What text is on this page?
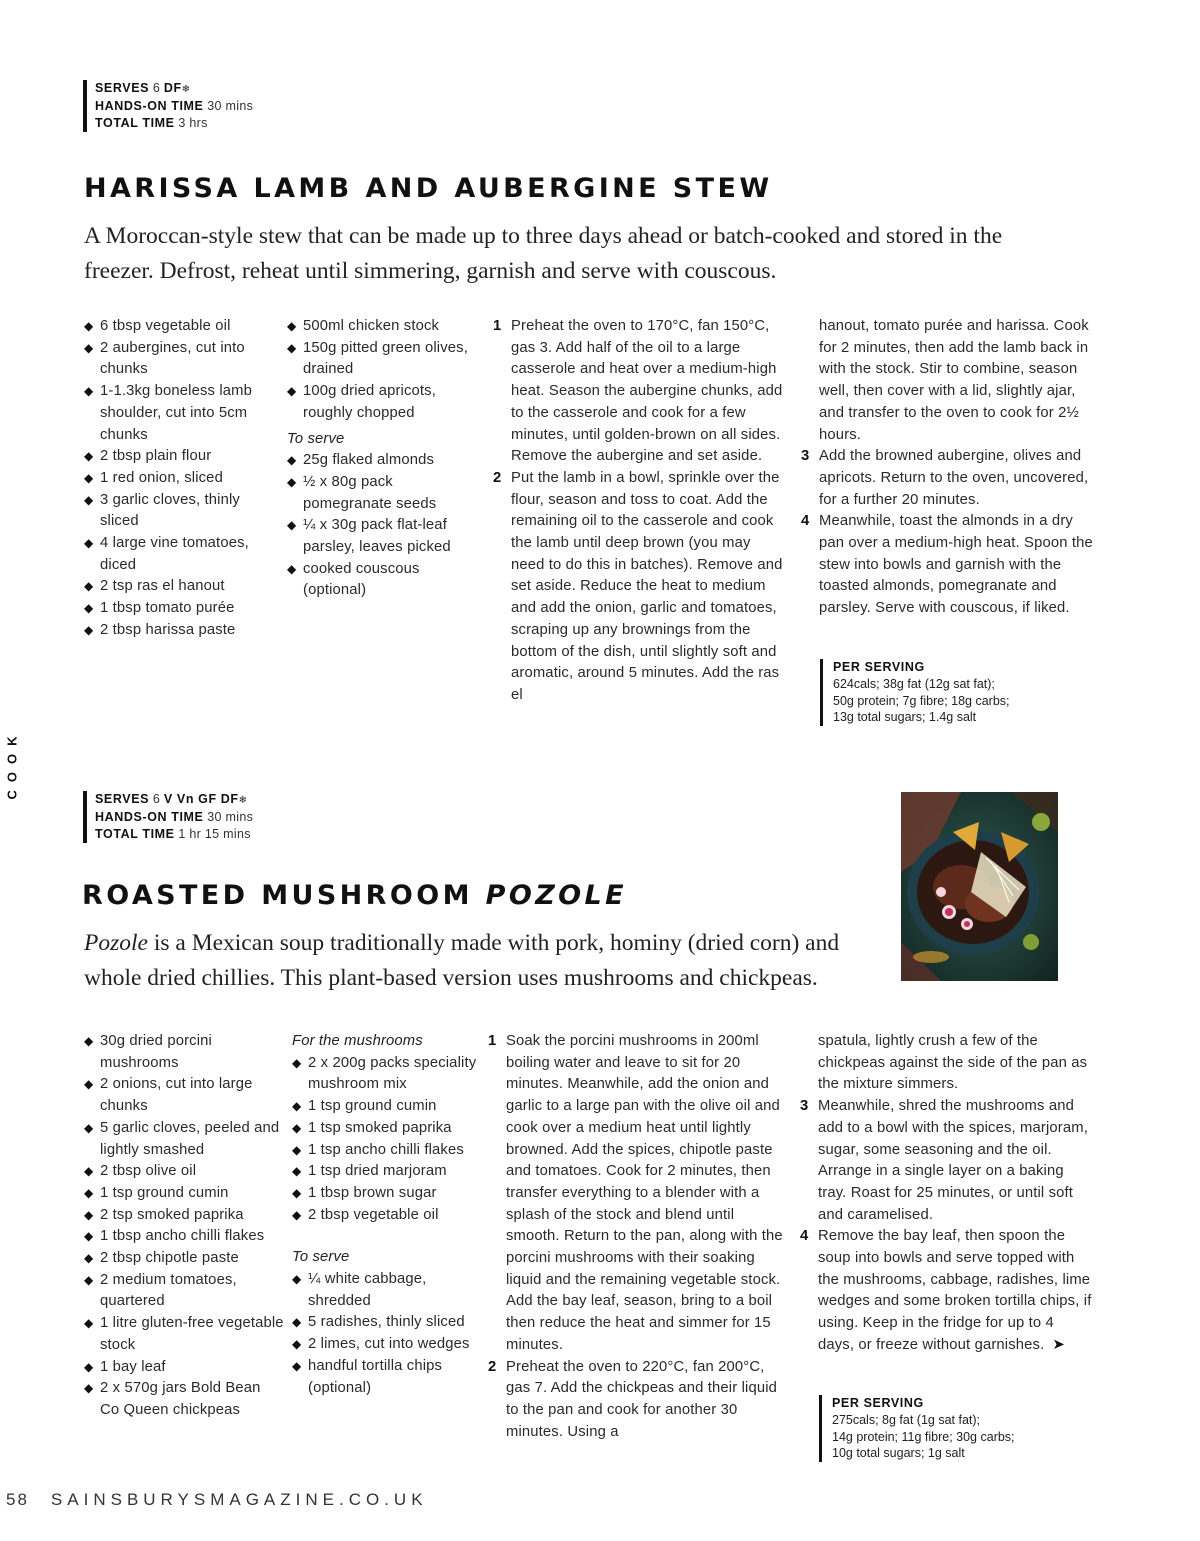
SERVES 6 DF❄
HANDS-ON TIME 30 mins
TOTAL TIME 3 hrs
HARISSA LAMB AND AUBERGINE STEW
A Moroccan-style stew that can be made up to three days ahead or batch-cooked and stored in the freezer. Defrost, reheat until simmering, garnish and serve with couscous.
◆ 6 tbsp vegetable oil
◆ 2 aubergines, cut into chunks
◆ 1-1.3kg boneless lamb shoulder, cut into 5cm chunks
◆ 2 tbsp plain flour
◆ 1 red onion, sliced
◆ 3 garlic cloves, thinly sliced
◆ 4 large vine tomatoes, diced
◆ 2 tsp ras el hanout
◆ 1 tbsp tomato purée
◆ 2 tbsp harissa paste
◆ 500ml chicken stock
◆ 150g pitted green olives, drained
◆ 100g dried apricots, roughly chopped
To serve
◆ 25g flaked almonds
◆ ½ x 80g pack pomegranate seeds
◆ ¼ x 30g pack flat-leaf parsley, leaves picked
◆ cooked couscous (optional)
1 Preheat the oven to 170°C, fan 150°C, gas 3. Add half of the oil to a large casserole and heat over a medium-high heat. Season the aubergine chunks, add to the casserole and cook for a few minutes, until golden-brown on all sides. Remove the aubergine and set aside.
2 Put the lamb in a bowl, sprinkle over the flour, season and toss to coat. Add the remaining oil to the casserole and cook the lamb until deep brown (you may need to do this in batches). Remove and set aside. Reduce the heat to medium and add the onion, garlic and tomatoes, scraping up any brownings from the bottom of the dish, until slightly soft and aromatic, around 5 minutes. Add the ras el

hanout, tomato purée and harissa. Cook for 2 minutes, then add the lamb back in with the stock. Stir to combine, season well, then cover with a lid, slightly ajar, and transfer to the oven to cook for 2½ hours.

3 Add the browned aubergine, olives and apricots. Return to the oven, uncovered, for a further 20 minutes.
4 Meanwhile, toast the almonds in a dry pan over a medium-high heat. Spoon the stew into bowls and garnish with the toasted almonds, pomegranate and parsley. Serve with couscous, if liked.
PER SERVING
624cals; 38g fat (12g sat fat);
50g protein; 7g fibre; 18g carbs;
13g total sugars; 1.4g salt
COOK	SERVES 6 V Vn GF DF❄
HANDS-ON TIME 30 mins
TOTAL TIME 1 hr 15 mins
ROASTED MUSHROOM POZOLE
Pozole is a Mexican soup traditionally made with pork, hominy (dried corn) and whole dried chillies. This plant-based version uses mushrooms and chickpeas.
◆ 30g dried porcini mushrooms
◆ 2 onions, cut into large chunks
◆ 5 garlic cloves, peeled and lightly smashed
◆ 2 tbsp olive oil
◆ 1 tsp ground cumin
◆ 2 tsp smoked paprika
◆ 1 tbsp ancho chilli flakes
◆ 2 tbsp chipotle paste
◆ 2 medium tomatoes, quartered
◆ 1 litre gluten-free vegetable stock
◆ 1 bay leaf
◆ 2 x 570g jars Bold Bean Co Queen chickpeas
For the mushrooms
◆ 2 x 200g packs speciality mushroom mix
◆ 1 tsp ground cumin
◆ 1 tsp smoked paprika
◆ 1 tsp ancho chilli flakes
◆ 1 tsp dried marjoram
◆ 1 tbsp brown sugar
◆ 2 tbsp vegetable oil
To serve
◆ ¼ white cabbage, shredded
◆ 5 radishes, thinly sliced
◆ 2 limes, cut into wedges
◆ handful tortilla chips (optional)
1 Soak the porcini mushrooms in 200ml boiling water and leave to sit for 20 minutes. Meanwhile, add the onion and garlic to a large pan with the olive oil and cook over a medium heat until lightly browned. Add the spices, chipotle paste and tomatoes. Cook for 2 minutes, then transfer everything to a blender with a splash of the stock and blend until smooth. Return to the pan, along with the porcini mushrooms with their soaking liquid and the remaining vegetable stock. Add the bay leaf, season, bring to a boil then reduce the heat and simmer for 15 minutes.
2 Preheat the oven to 220°C, fan 200°C, gas 7. Add the chickpeas and their liquid to the pan and cook for another 30 minutes. Using a

spatula, lightly crush a few of the chickpeas against the side of the pan as the mixture simmers.

3 Meanwhile, shred the mushrooms and add to a bowl with the spices, marjoram, sugar, some seasoning and the oil. Arrange in a single layer on a baking tray. Roast for 25 minutes, or until soft and caramelised.
4 Remove the bay leaf, then spoon the soup into bowls and serve topped with the mushrooms, cabbage, radishes, lime wedges and some broken tortilla chips, if using. Keep in the fridge for up to 4 days, or freeze without garnishes. ➤
PER SERVING
275cals; 8g fat (1g sat fat);
14g protein; 11g fibre; 30g carbs;
10g total sugars; 1g salt
58 SAINSBURYSMAGAZINE.CO.UK
